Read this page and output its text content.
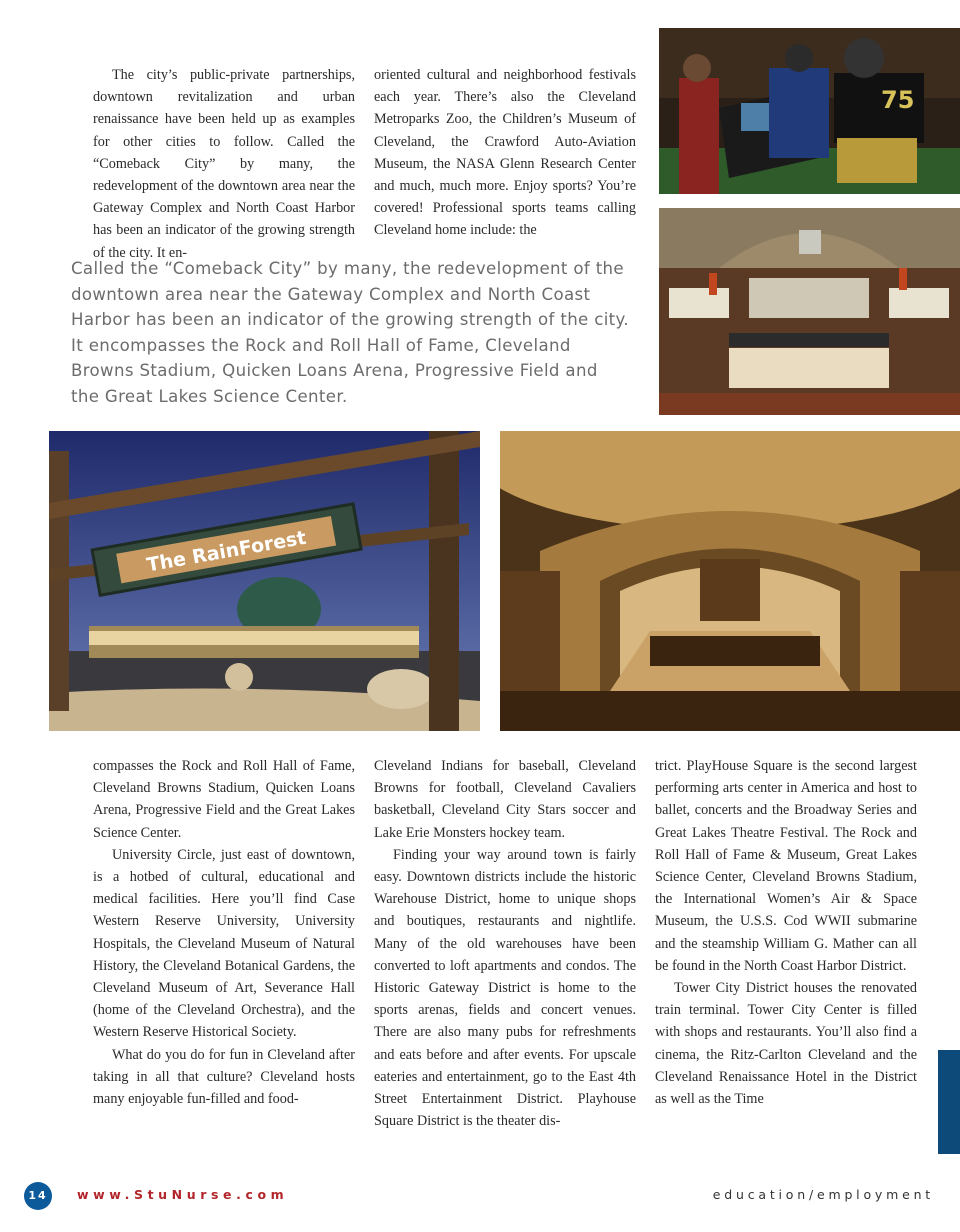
The city’s public-private partnerships, downtown revitalization and urban renaissance have been held up as examples for other cities to follow. Called the “Comeback City” by many, the redevelopment of the downtown area near the Gateway Complex and North Coast Harbor has been an indicator of the growing strength of the city. It en-

oriented cultural and neighborhood festivals each year. There’s also the Cleveland Metroparks Zoo, the Children’s Museum of Cleveland, the Crawford Auto-Aviation Museum, the NASA Glenn Research Center and much, much more. Enjoy sports? You’re covered! Professional sports teams calling Cleveland home include: the

Called the “Comeback City” by many, the redevelopment of the downtown area near the Gateway Complex and North Coast Harbor has been an indicator of the growing strength of the city. It encompasses the Rock and Roll Hall of Fame, Cleveland Browns Stadium, Quicken Loans Arena, Progressive Field and the Great Lakes Science Center.

75
The RainForest

compasses the Rock and Roll Hall of Fame, Cleveland Browns Stadium, Quicken Loans Arena, Progressive Field and the Great Lakes Science Center.

University Circle, just east of downtown, is a hotbed of cultural, educational and medical facilities. Here you’ll find Case Western Reserve University, University Hospitals, the Cleveland Museum of Natural History, the Cleveland Botanical Gardens, the Cleveland Museum of Art, Severance Hall (home of the Cleveland Orchestra), and the Western Reserve Historical Society.

What do you do for fun in Cleveland after taking in all that culture? Cleveland hosts many enjoyable fun-filled and food-

Cleveland Indians for baseball, Cleveland Browns for football, Cleveland Cavaliers basketball, Cleveland City Stars soccer and Lake Erie Monsters hockey team.

Finding your way around town is fairly easy. Downtown districts include the historic Warehouse District, home to unique shops and boutiques, restaurants and nightlife. Many of the old warehouses have been converted to loft apartments and condos. The Historic Gateway District is home to the sports arenas, fields and concert venues. There are also many pubs for refreshments and eats before and after events. For upscale eateries and entertainment, go to the East 4th Street Entertainment District. Playhouse Square District is the theater dis-

trict. PlayHouse Square is the second largest performing arts center in America and host to ballet, concerts and the Broadway Series and Great Lakes Theatre Festival. The Rock and Roll Hall of Fame & Museum, Great Lakes Science Center, Cleveland Browns Stadium, the International Women’s Air & Space Museum, the U.S.S. Cod WWII submarine and the steamship William G. Mather can all be found in the North Coast Harbor District.

Tower City District houses the renovated train terminal. Tower City Center is filled with shops and restaurants. You’ll also find a cinema, the Ritz-Carlton Cleveland and the Cleveland Renaissance Hotel in the District as well as the Time

14	www.StuNurse.com	education/employment
